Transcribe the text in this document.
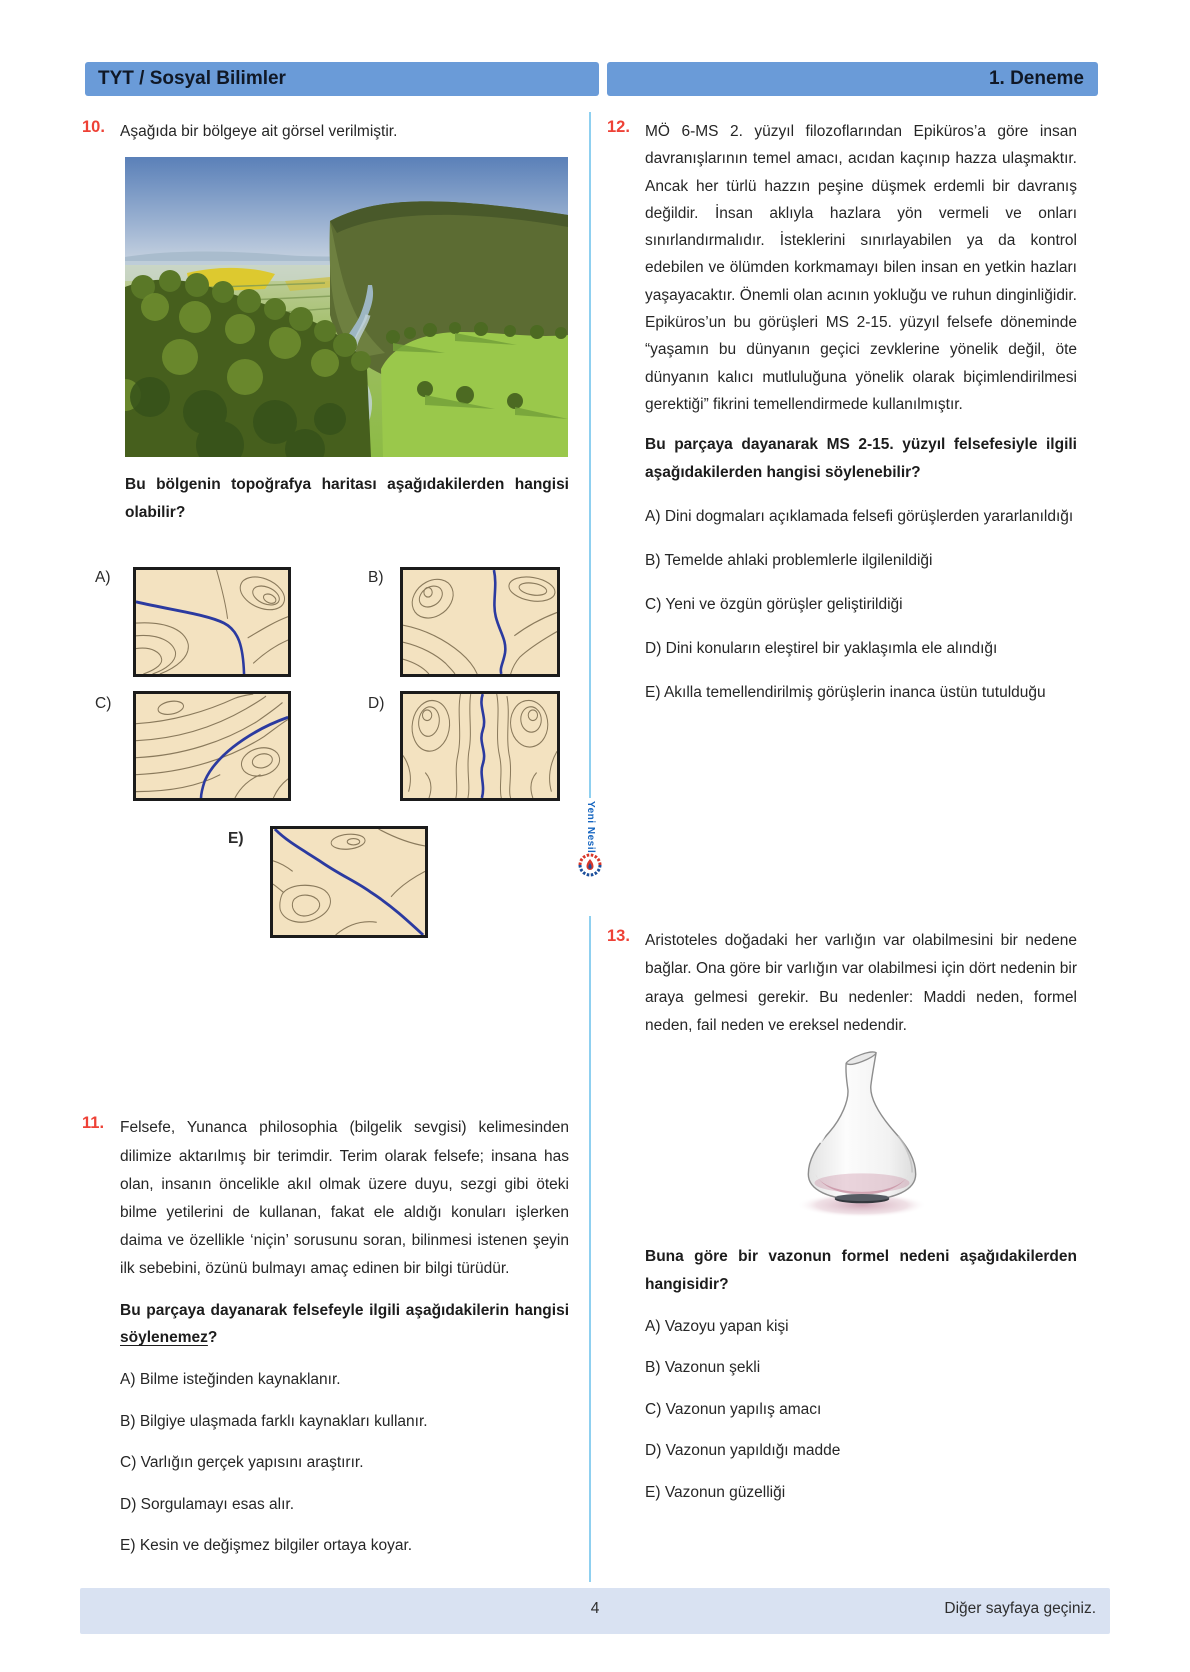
TYT / Sosyal Bilimler	1. Deneme
Yeni Nesil
10. Aşağıda bir bölgeye ait görsel verilmiştir.

Bu bölgenin topoğrafya haritası aşağıdakilerden hangisi olabilir?

A)	B)
C)	D)
E)
11.	Felsefe, Yunanca philosophia (bilgelik sevgisi) kelimesinden dilimize aktarılmış bir terimdir. Terim olarak felsefe; insana has olan, insanın öncelikle akıl olmak üzere duyu, sezgi gibi öteki bilme yetilerini de kullanan, fakat ele aldığı konuları işlerken daima ve özellikle ‘niçin’ sorusunu soran, bilinmesi istenen şeyin ilk sebebini, özünü bulmayı amaç edinen bir bilgi türüdür.

Bu parçaya dayanarak felsefeyle ilgili aşağıdakilerin hangisi söylenemez?

A) Bilme isteğinden kaynaklanır.

B) Bilgiye ulaşmada farklı kaynakları kullanır.

C) Varlığın gerçek yapısını araştırır.

D) Sorgulamayı esas alır.

E) Kesin ve değişmez bilgiler ortaya koyar.

12. MÖ 6-MS 2. yüzyıl filozoflarından Epiküros’a göre insan davranışlarının temel amacı, acıdan kaçınıp hazza ulaşmaktır. Ancak her türlü hazzın peşine düşmek erdemli bir davranış değildir. İnsan aklıyla hazlara yön vermeli ve onları sınırlandırmalıdır. İsteklerini sınırlayabilen ya da kontrol edebilen ve ölümden korkmamayı bilen insan en yetkin hazları yaşayacaktır. Önemli olan acının yokluğu ve ruhun dinginliğidir. Epiküros’un bu görüşleri MS 2-15. yüzyıl felsefe döneminde “yaşamın bu dünyanın geçici zevklerine yönelik değil, öte dünyanın kalıcı mutluluğuna yönelik olarak biçimlendirilmesi gerektiği” fikrini temellendirmede kullanılmıştır.

Bu parçaya dayanarak MS 2-15. yüzyıl felsefesiyle ilgili aşağıdakilerden hangisi söylenebilir?

A) Dini dogmaları açıklamada felsefi görüşlerden yararlanıldığı

B) Temelde ahlaki problemlerle ilgilenildiği

C) Yeni ve özgün görüşler geliştirildiği

D) Dini konuların eleştirel bir yaklaşımla ele alındığı

E) Akılla temellendirilmiş görüşlerin inanca üstün tutulduğu

13. Aristoteles doğadaki her varlığın var olabilmesini bir nedene bağlar. Ona göre bir varlığın var olabilmesi için dört nedenin bir araya gelmesi gerekir. Bu nedenler: Maddi neden, formel neden, fail neden ve ereksel nedendir.

Buna göre bir vazonun formel nedeni aşağıdakilerden hangisidir?

A) Vazoyu yapan kişi

B) Vazonun şekli

C) Vazonun yapılış amacı

D) Vazonun yapıldığı madde

E) Vazonun güzelliği

4	Diğer sayfaya geçiniz.
